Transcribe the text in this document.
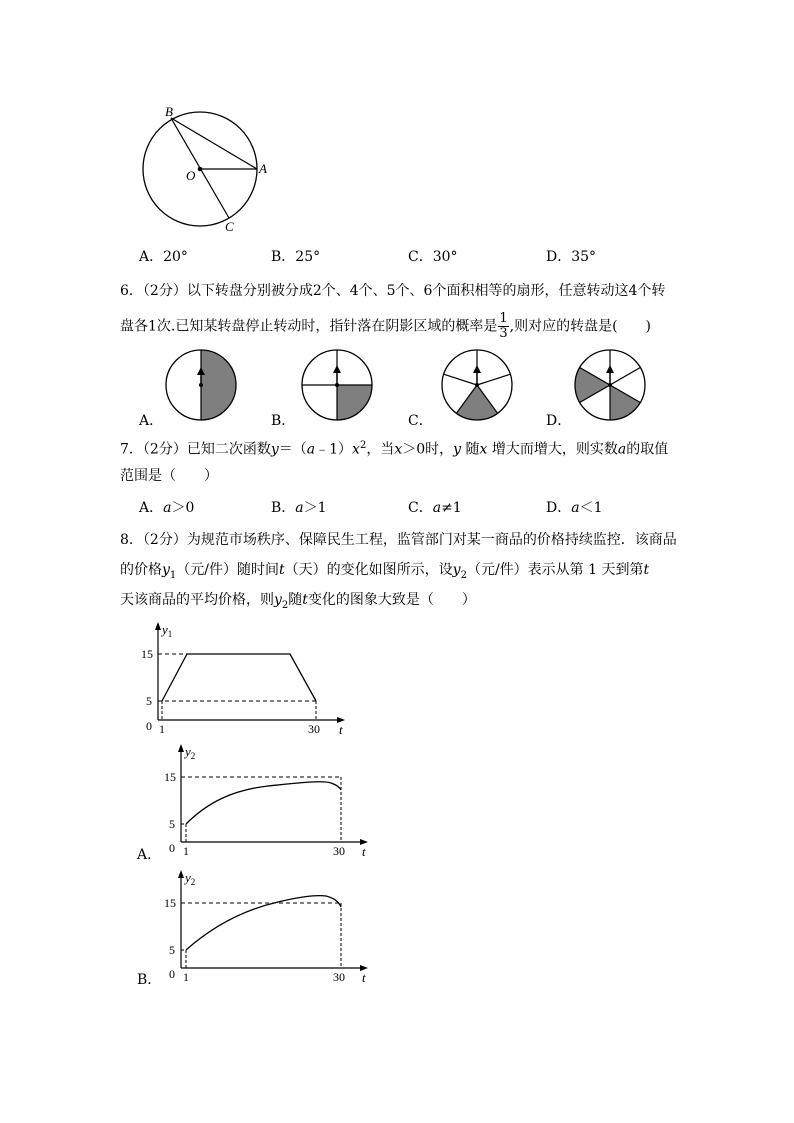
B
A
O
C
A．20°	B．25°	C．30°	D．35°
6．（2分）以下转盘分别被分成2个、4个、5个、6个面积相等的扇形，任意转动这4个转
盘各1次.已知某转盘停止转动时，指针落在阴影区域的概率是 $\frac{1}{3}$ ,则对应的转盘是(　　)
A．	B．	C．	D．
7．（2分）已知二次函数$y=(a﹣1)x^2$，当x＞0时，y 随x 增大而增大，则实数a的取值
范围是（　　）
A．a＞0	B．a＞1	C．a≠1	D．a＜1
8．（2分）为规范市场秩序、保障民生工程，监管部门对某一商品的价格持续监控．该商品
的价格$y_1$（元/件）随时间t（天）的变化如图所示，设$y_2$（元/件）表示从第 1 天到第t
天该商品的平均价格，则$y_2$随t变化的图象大致是（　　）
$y_1$
15
5
0 1	30 t
$y_2$
15
5
0 1	30 t
A．
$y_2$
15
5
0 1	30 t
B．
